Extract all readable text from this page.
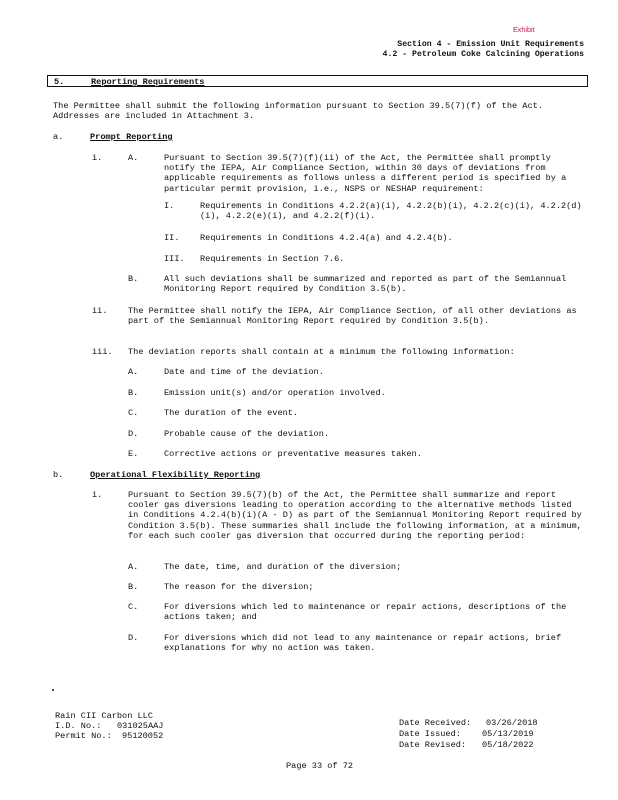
Exhibit
Section 4 - Emission Unit Requirements
4.2 - Petroleum Coke Calcining Operations
5.	Reporting Requirements
The Permittee shall submit the following information pursuant to Section 39.5(7)(f) of the Act. Addresses are included in Attachment 3.
a.	Prompt Reporting
i.	A.	Pursuant to Section 39.5(7)(f)(ii) of the Act, the Permittee shall promptly notify the IEPA, Air Compliance Section, within 30 days of deviations from applicable requirements as follows unless a different period is specified by a particular permit provision, i.e., NSPS or NESHAP requirement:
I.	Requirements in Conditions 4.2.2(a)(i), 4.2.2(b)(i), 4.2.2(c)(i), 4.2.2(d)(i), 4.2.2(e)(i), and 4.2.2(f)(i).
II. Requirements in Conditions 4.2.4(a) and 4.2.4(b).
III. Requirements in Section 7.6.
B.	All such deviations shall be summarized and reported as part of the Semiannual Monitoring Report required by Condition 3.5(b).
ii. The Permittee shall notify the IEPA, Air Compliance Section, of all other deviations as part of the Semiannual Monitoring Report required by Condition 3.5(b).
iii. The deviation reports shall contain at a minimum the following information:
A.	Date and time of the deviation.
B.	Emission unit(s) and/or operation involved.
C.	The duration of the event.
D.	Probable cause of the deviation.
E.	Corrective actions or preventative measures taken.
b.	Operational Flexibility Reporting
i.	Pursuant to Section 39.5(7)(b) of the Act, the Permittee shall summarize and report cooler gas diversions leading to operation according to the alternative methods listed in Conditions 4.2.4(b)(i)(A - D) as part of the Semiannual Monitoring Report required by Condition 3.5(b). These summaries shall include the following information, at a minimum, for each such cooler gas diversion that occurred during the reporting period:
A.	The date, time, and duration of the diversion;
B.	The reason for the diversion;
C.	For diversions which led to maintenance or repair actions, descriptions of the actions taken; and
D.	For diversions which did not lead to any maintenance or repair actions, brief explanations for why no action was taken.
Rain CII Carbon LLC
I.D. No.: 031025AAJ
Permit No.: 95120052
Date Received: 03/26/2018
Date Issued: 05/13/2019
Date Revised: 05/18/2022
Page 33 of 72
